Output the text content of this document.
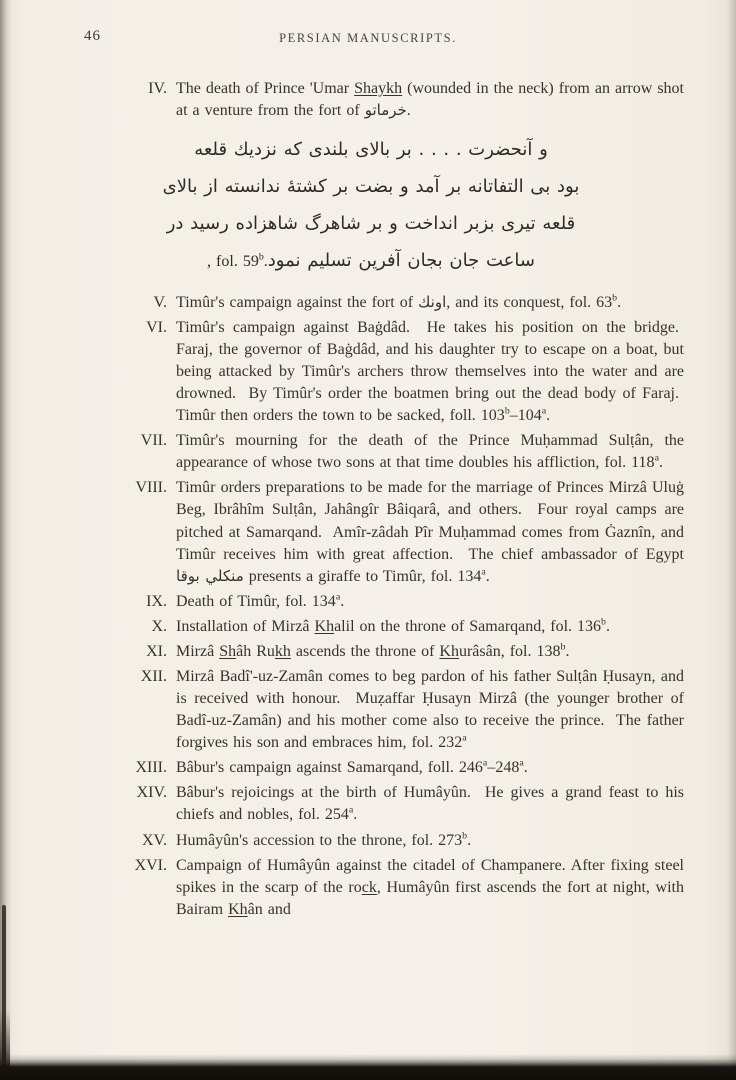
46	PERSIAN MANUSCRIPTS.
IV. The death of Prince 'Umar Shaykh (wounded in the neck) from an arrow shot at a venture from the fort of خرماتو.
و آنحضرت . . . . بر بالای بلندی که نزدیك قلعه
بود بی التفاتانه بر آمد و بضت بر کشتهٔ ندانسته از بالای
قلعه تیری بزبر انداخت و بر شاهرگ شاهزاده رسید در
ساعت جان بجان آفرین تسلیم نمود, fol. 59$^b$.
V. Timûr's campaign against the fort of اونك, and its conquest, fol. 63$^b$.
VI. Timûr's campaign against Baġdâd.  He takes his position on the bridge.  Faraj, the governor of Baġdâd, and his daughter try to escape on a boat, but being attacked by Timûr's archers throw themselves into the water and are drowned.  By Timûr's order the boatmen bring out the dead body of Faraj.  Timûr then orders the town to be sacked, foll. 103$^b$–104$^a$.
VII. Timûr's mourning for the death of the Prince Muḥammad Sulṭân, the appearance of whose two sons at that time doubles his affliction, fol. 118$^a$.
VIII. Timûr orders preparations to be made for the marriage of Princes Mirzâ Uluġ Beg, Ibrâhîm Sulṭân, Jahângîr Bâiqarâ, and others.  Four royal camps are pitched at Samarqand.  Amîr-zâdah Pîr Muḥammad comes from Ġaznîn, and Timûr receives him with great affection.  The chief ambassador of Egypt منكلي بوقا presents a giraffe to Timûr, fol. 134$^a$.
IX. Death of Timûr, fol. 134$^a$.
X. Installation of Mirzâ Khalil on the throne of Samarqand, fol. 136$^b$.
XI. Mirzâ Shâh Rukh ascends the throne of Khurâsân, fol. 138$^b$.
XII. Mirzâ Badî'-uz-Zamân comes to beg pardon of his father Sulṭân Ḥusayn, and is received with honour.  Muẓaffar Ḥusayn Mirzâ (the younger brother of Badî-uz-Zamân) and his mother come also to receive the prince.  The father forgives his son and embraces him, fol. 232$^a$
XIII. Bâbur's campaign against Samarqand, foll. 246$^a$–248$^a$.
XIV. Bâbur's rejoicings at the birth of Humâyûn.  He gives a grand feast to his chiefs and nobles, fol. 254$^a$.
XV. Humâyûn's accession to the throne, fol. 273$^b$.
XVI. Campaign of Humâyûn against the citadel of Champanere. After fixing steel spikes in the scarp of the rock, Humâyûn first ascends the fort at night, with Bairam Khân and
